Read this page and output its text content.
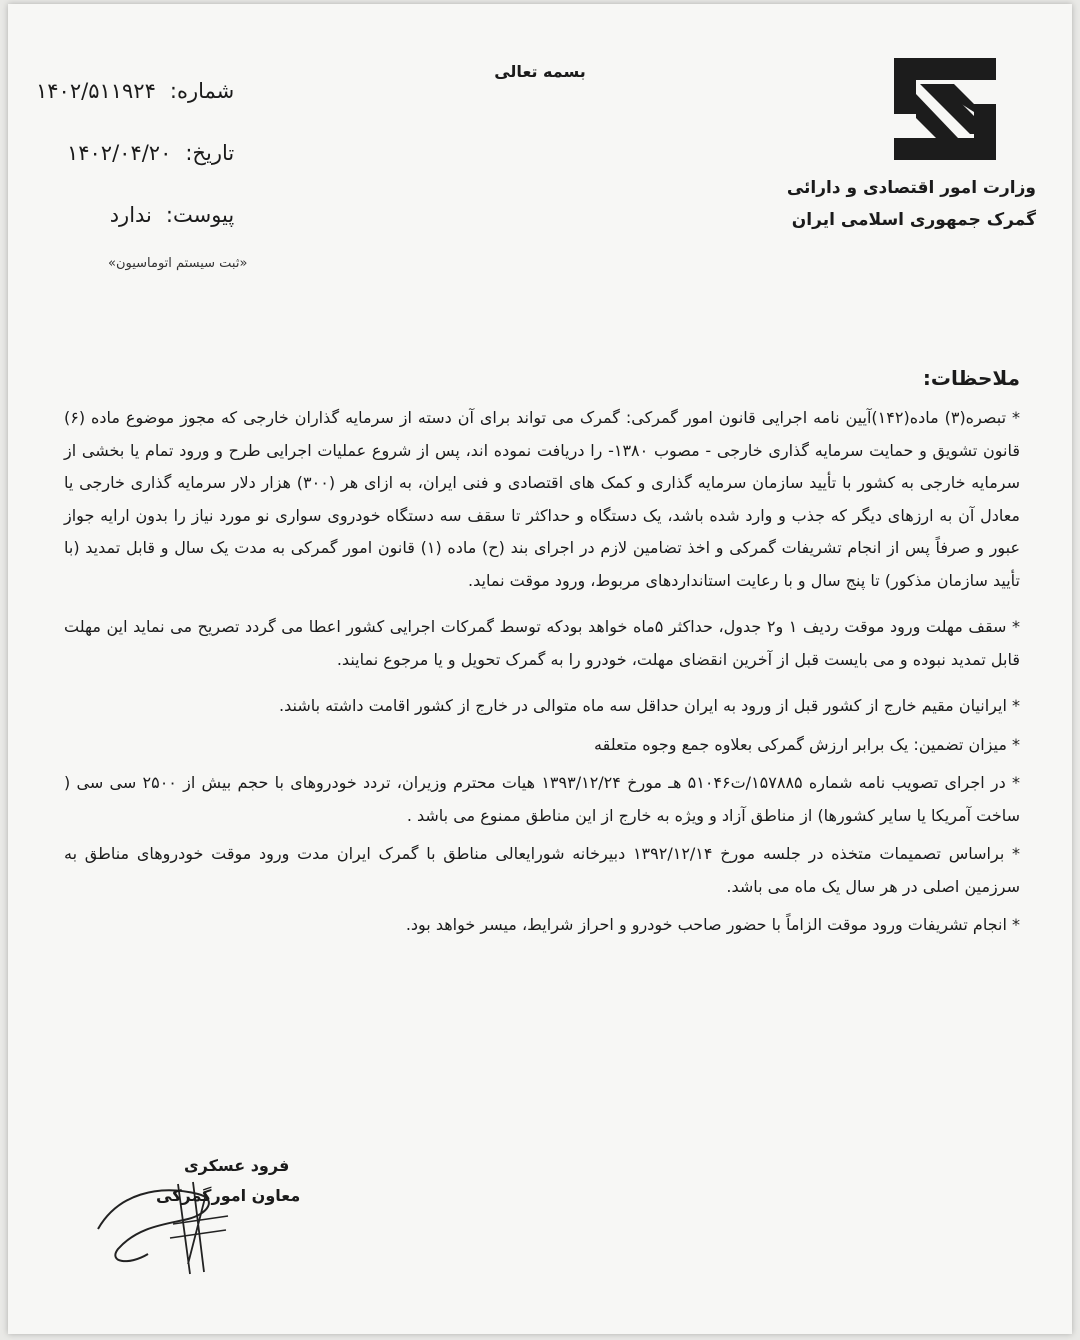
بسمه تعالی
وزارت امور اقتصادی و دارائی
گمرک جمهوری اسلامی ایران
شماره:
۱۴۰۲/۵۱۱۹۲۴
تاریخ:
۱۴۰۲/۰۴/۲۰
پیوست:
ندارد
«ثبت سیستم اتوماسیون»
ملاحظات:

* تبصره(۳) ماده(۱۴۲)آیین نامه اجرایی قانون امور گمرکی: گمرک می تواند برای آن دسته از سرمایه گذاران خارجی که مجوز موضوع ماده (۶) قانون تشویق و حمایت سرمایه گذاری خارجی - مصوب ۱۳۸۰- را دریافت نموده اند، پس از شروع عملیات اجرایی طرح و ورود تمام یا بخشی از سرمایه خارجی به کشور با تأیید سازمان سرمایه گذاری و کمک های اقتصادی و فنی ایران، به ازای هر (۳۰۰) هزار دلار سرمایه گذاری خارجی یا معادل آن به ارزهای دیگر که جذب و وارد شده باشد، یک دستگاه و حداکثر تا سقف سه دستگاه خودروی سواری نو مورد نیاز را بدون ارایه جواز عبور و صرفاً پس از انجام تشریفات گمرکی و اخذ تضامین لازم در اجرای بند (ح) ماده (۱) قانون امور گمرکی به مدت یک سال و قابل تمدید (با تأیید سازمان مذکور) تا پنج سال و با رعایت استانداردهای مربوط، ورود موقت نماید.

* سقف مهلت ورود موقت ردیف ۱ و۲ جدول، حداکثر ۵ماه خواهد بودکه توسط گمرکات اجرایی کشور اعطا می گردد تصریح می نماید این مهلت قابل تمدید نبوده و می بایست قبل از آخرین انقضای مهلت، خودرو را به گمرک تحویل و یا مرجوع نمایند.

* ایرانیان مقیم خارج از کشور قبل از ورود به ایران حداقل سه ماه متوالی در خارج از کشور اقامت داشته باشند.

* میزان تضمین: یک برابر ارزش گمرکی بعلاوه جمع وجوه متعلقه

* در اجرای تصویب نامه شماره ۱۵۷۸۸۵/ت۵۱۰۴۶ هـ مورخ ۱۳۹۳/۱۲/۲۴ هیات محترم وزیران، تردد خودروهای با حجم بیش از ۲۵۰۰ سی سی ( ساخت آمریکا یا سایر کشورها) از مناطق آزاد و ویژه به خارج از این مناطق ممنوع می باشد .

* براساس تصمیمات متخذه در جلسه مورخ ۱۳۹۲/۱۲/۱۴ دبیرخانه شورایعالی مناطق با گمرک ایران مدت ورود موقت خودروهای مناطق به سرزمین اصلی در هر سال یک ماه می باشد.

* انجام تشریفات ورود موقت الزاماً با حضور صاحب خودرو و احراز شرایط، میسر خواهد بود.

فرود عسکری
معاون امورگمرکی
